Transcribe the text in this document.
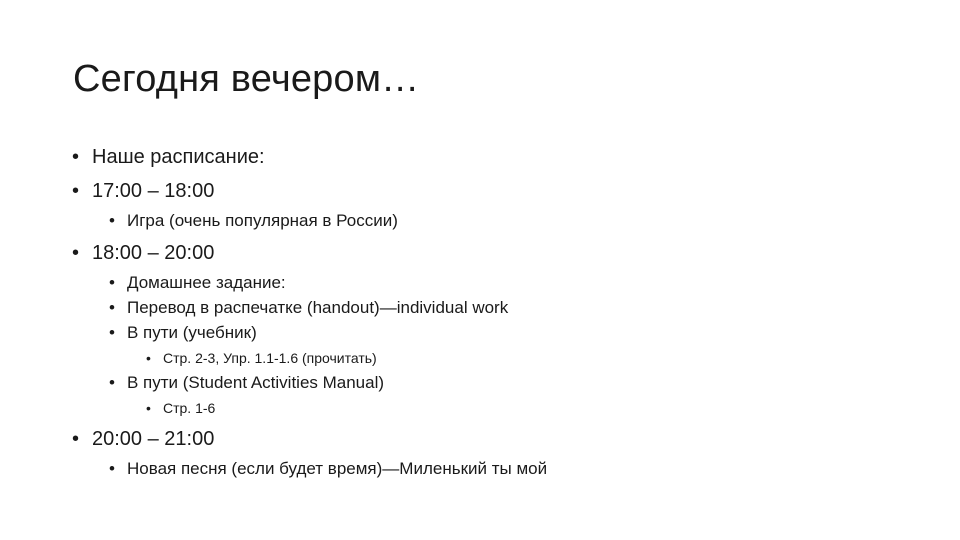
Сегодня вечером…
• Наше расписание:
• 17:00 – 18:00
• Игра (очень популярная в России)
• 18:00 – 20:00
• Домашнее задание:
• Перевод в распечатке (handout)—individual work
• В пути (учебник)
• Стр. 2-3, Упр. 1.1-1.6 (прочитать)
• В пути (Student Activities Manual)
• Стр. 1-6
• 20:00 – 21:00
• Новая песня (если будет время)—Миленький ты мой
